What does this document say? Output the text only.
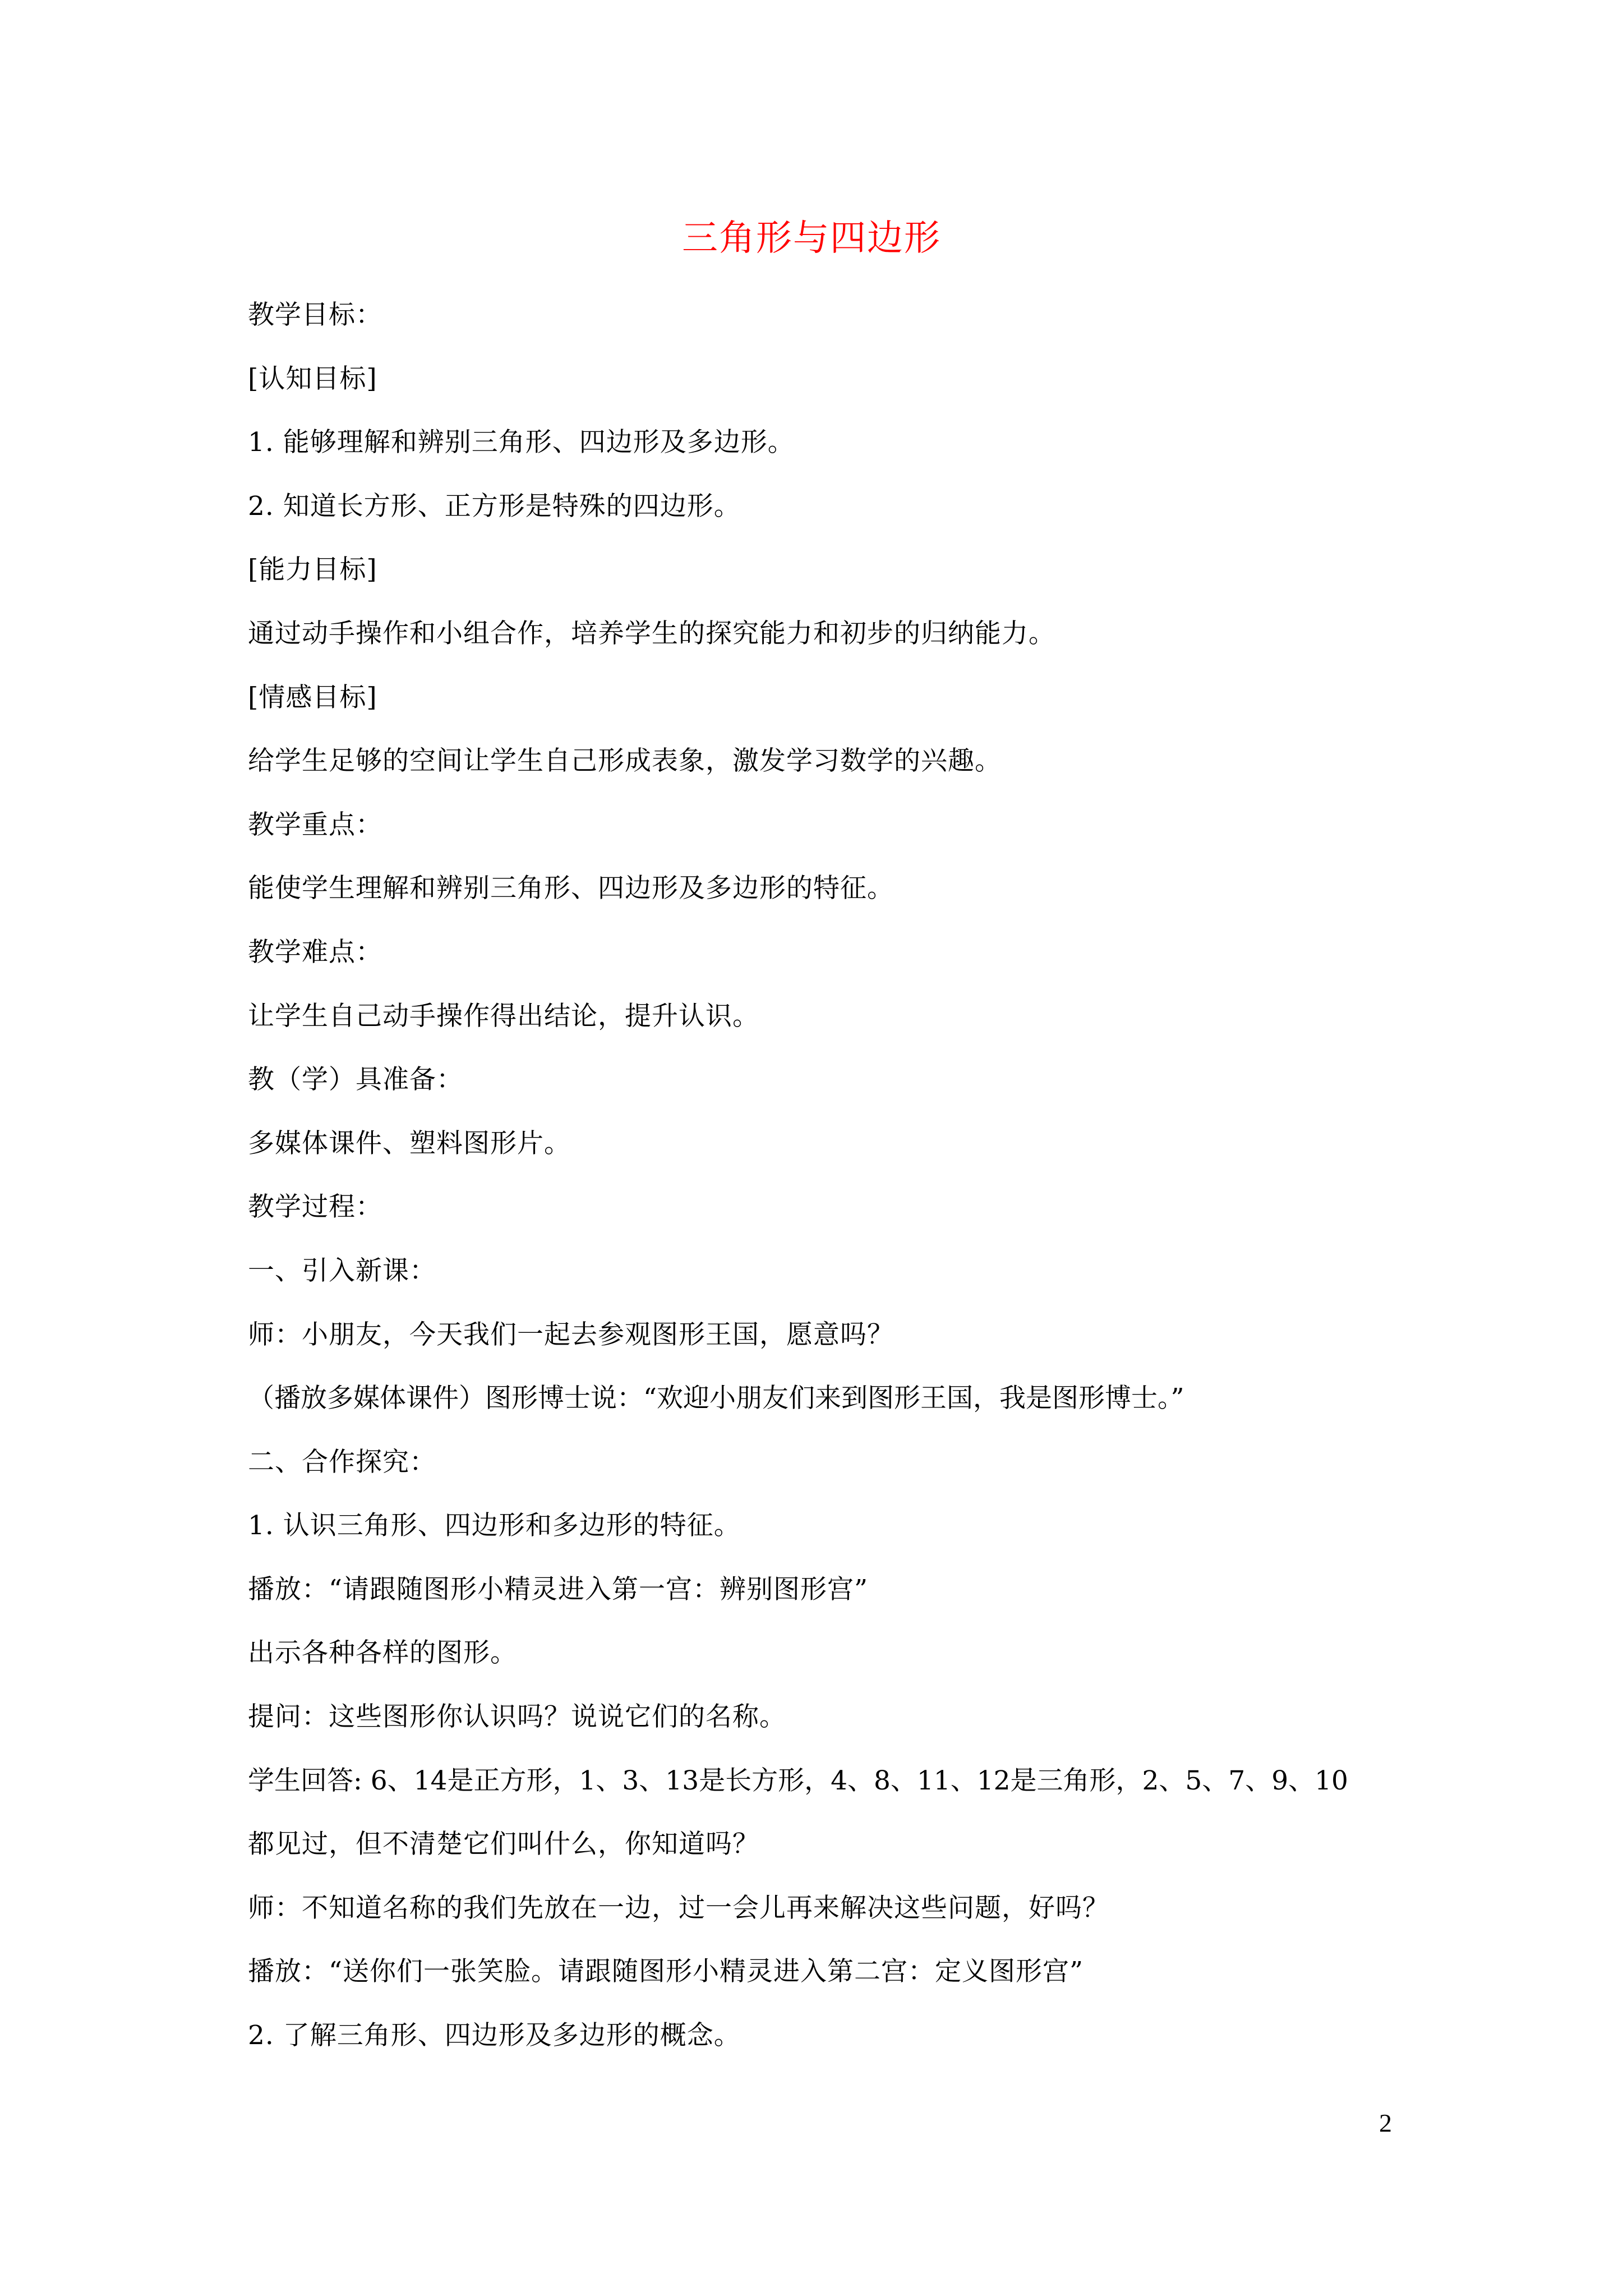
三角形与四边形
教学目标：
[认知目标]
1. 能够理解和辨别三角形、四边形及多边形。
2. 知道长方形、正方形是特殊的四边形。
[能力目标]
通过动手操作和小组合作，培养学生的探究能力和初步的归纳能力。
[情感目标]
给学生足够的空间让学生自己形成表象，激发学习数学的兴趣。
教学重点：
能使学生理解和辨别三角形、四边形及多边形的特征。
教学难点：
让学生自己动手操作得出结论，提升认识。
教（学）具准备：
多媒体课件、塑料图形片。
教学过程：
一、引入新课：
师：小朋友，今天我们一起去参观图形王国，愿意吗？
（播放多媒体课件）图形博士说：“欢迎小朋友们来到图形王国，我是图形博士。”
二、合作探究：
1. 认识三角形、四边形和多边形的特征。
播放：“请跟随图形小精灵进入第一宫：辨别图形宫”
出示各种各样的图形。
提问：这些图形你认识吗？说说它们的名称。
学生回答: 6、14是正方形，1、3、13是长方形，4、8、11、12是三角形，2、5、7、9、10
都见过，但不清楚它们叫什么，你知道吗？
师：不知道名称的我们先放在一边，过一会儿再来解决这些问题，好吗？
播放：“送你们一张笑脸。请跟随图形小精灵进入第二宫：定义图形宫”
2. 了解三角形、四边形及多边形的概念。
2
